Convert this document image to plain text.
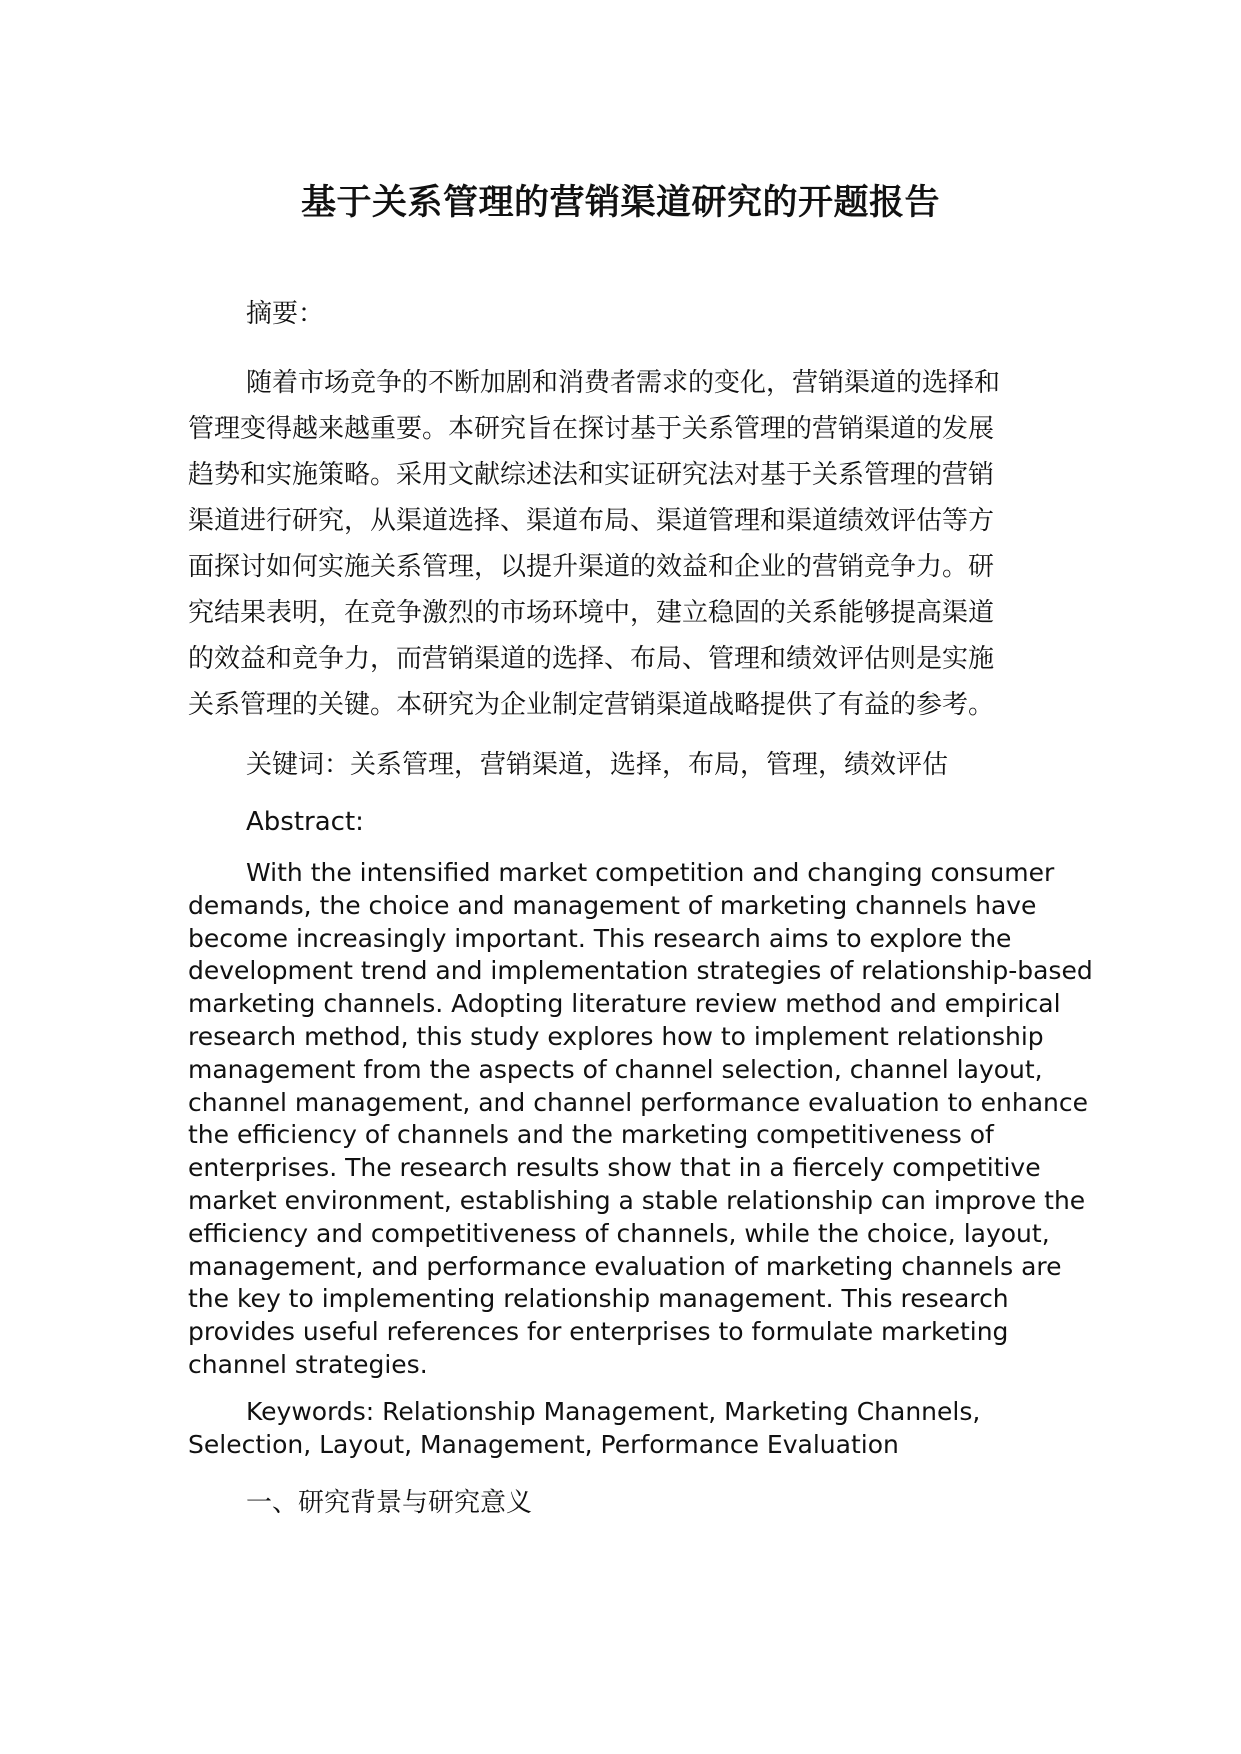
基于关系管理的营销渠道研究的开题报告

摘要：

随着市场竞争的不断加剧和消费者需求的变化，营销渠道的选择和
管理变得越来越重要。本研究旨在探讨基于关系管理的营销渠道的发展
趋势和实施策略。采用文献综述法和实证研究法对基于关系管理的营销
渠道进行研究，从渠道选择、渠道布局、渠道管理和渠道绩效评估等方
面探讨如何实施关系管理，以提升渠道的效益和企业的营销竞争力。研
究结果表明，在竞争激烈的市场环境中，建立稳固的关系能够提高渠道
的效益和竞争力，而营销渠道的选择、布局、管理和绩效评估则是实施
关系管理的关键。本研究为企业制定营销渠道战略提供了有益的参考。

关键词：关系管理，营销渠道，选择，布局，管理，绩效评估

Abstract:

With the intensified market competition and changing consumer
demands, the choice and management of marketing channels have
become increasingly important. This research aims to explore the
development trend and implementation strategies of relationship-based
marketing channels. Adopting literature review method and empirical
research method, this study explores how to implement relationship
management from the aspects of channel selection, channel layout,
channel management, and channel performance evaluation to enhance
the efficiency of channels and the marketing competitiveness of
enterprises. The research results show that in a fiercely competitive
market environment, establishing a stable relationship can improve the
efficiency and competitiveness of channels, while the choice, layout,
management, and performance evaluation of marketing channels are
the key to implementing relationship management. This research
provides useful references for enterprises to formulate marketing
channel strategies.
Keywords: Relationship Management, Marketing Channels,
Selection, Layout, Management, Performance Evaluation

一、研究背景与研究意义
